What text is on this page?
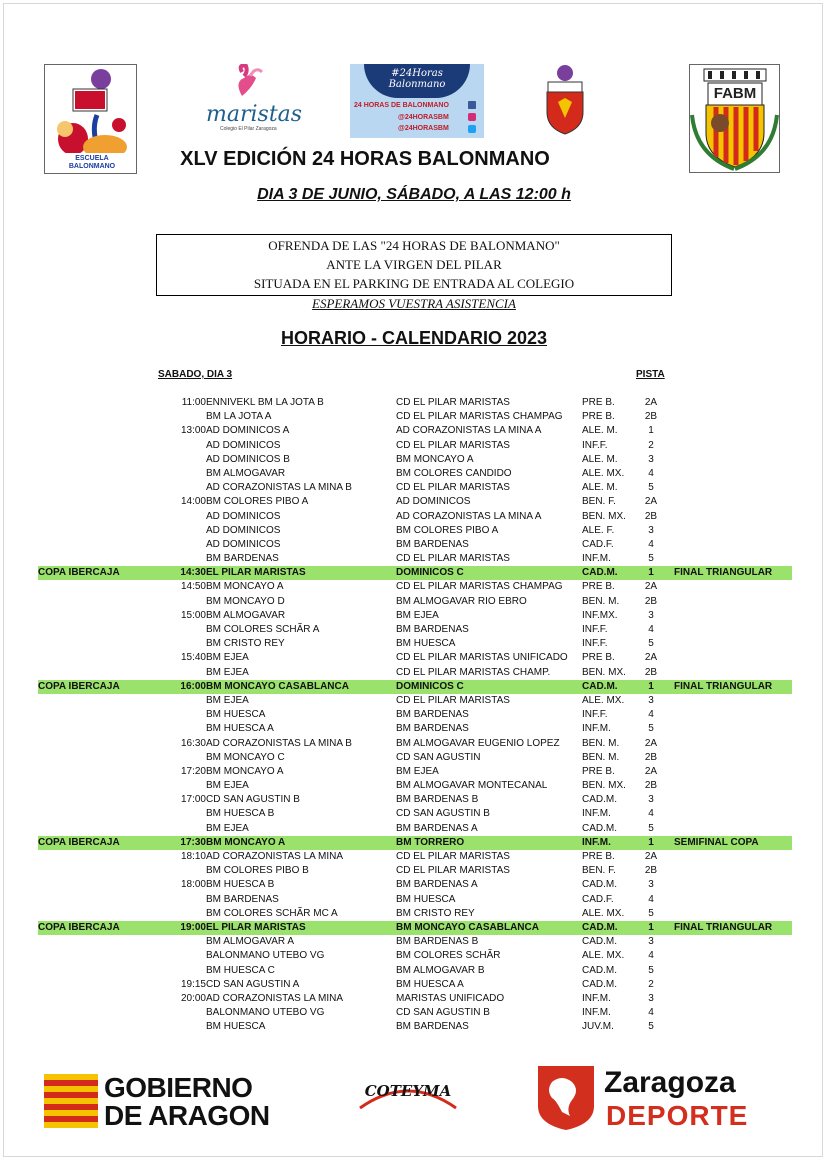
ESCUELA BALONMANO
maristas
Colegio El Pilar Zaragoza
#24Horas Balonmano
24 HORAS DE BALONMANO
@24HORASBM
@24HORASBM
FABM
XLV EDICIÓN 24 HORAS BALONMANO
DIA 3 DE JUNIO, SÁBADO, A LAS 12:00 h
OFRENDA DE LAS "24 HORAS DE BALONMANO"
ANTE LA VIRGEN DEL PILAR
SITUADA EN EL PARKING DE ENTRADA AL COLEGIO
ESPERAMOS VUESTRA ASISTENCIA
HORARIO - CALENDARIO 2023
SABADO, DIA 3	PISTA
11:00 ENNIVEKL BM LA JOTA B	CD EL PILAR MARISTAS	PRE B.	2A
BM LA JOTA A	CD EL PILAR MARISTAS CHAMPAG	PRE B.	2B
13:00 AD DOMINICOS A	AD CORAZONISTAS LA MINA A	ALE. M.	1
AD DOMINICOS	CD EL PILAR MARISTAS	INF.F.	2
AD DOMINICOS B	BM MONCAYO A	ALE. M.	3
BM ALMOGAVAR	BM COLORES CANDIDO	ALE. MX.	4
AD CORAZONISTAS LA MINA B	CD EL PILAR MARISTAS	ALE. M.	5
14:00 BM COLORES PIBO A	AD DOMINICOS	BEN. F.	2A
AD DOMINICOS	AD CORAZONISTAS LA MINA A	BEN. MX.	2B
AD DOMINICOS	BM COLORES PIBO A	ALE. F.	3
AD DOMINICOS	BM BARDENAS	CAD.F.	4
BM BARDENAS	CD EL PILAR MARISTAS	INF.M.	5
COPA IBERCAJA	14:30 EL PILAR MARISTAS	DOMINICOS C	CAD.M.	1	FINAL TRIANGULAR
14:50 BM MONCAYO A	CD EL PILAR MARISTAS CHAMPAG	PRE B.	2A
BM MONCAYO D	BM ALMOGAVAR RIO EBRO	BEN. M.	2B
15:00 BM ALMOGAVAR	BM EJEA	INF.MX.	3
BM COLORES SCHÃR A	BM BARDENAS	INF.F.	4
BM CRISTO REY	BM HUESCA	INF.F.	5
15:40 BM EJEA	CD EL PILAR MARISTAS UNIFICADO	PRE B.	2A
BM EJEA	CD EL PILAR MARISTAS CHAMP.	BEN. MX.	2B
COPA IBERCAJA	16:00 BM MONCAYO CASABLANCA	DOMINICOS C	CAD.M.	1	FINAL TRIANGULAR
BM EJEA	CD EL PILAR MARISTAS	ALE. MX.	3
BM HUESCA	BM BARDENAS	INF.F.	4
BM HUESCA A	BM BARDENAS	INF.M.	5
16:30 AD CORAZONISTAS LA MINA B	BM ALMOGAVAR EUGENIO LOPEZ	BEN. M.	2A
BM MONCAYO C	CD SAN AGUSTIN	BEN. M.	2B
17:20 BM MONCAYO A	BM EJEA	PRE B.	2A
BM EJEA	BM ALMOGAVAR MONTECANAL	BEN. MX.	2B
17:00 CD SAN AGUSTIN B	BM BARDENAS B	CAD.M.	3
BM HUESCA B	CD SAN AGUSTIN B	INF.M.	4
BM EJEA	BM BARDENAS A	CAD.M.	5
COPA IBERCAJA	17:30 BM MONCAYO A	BM TORRERO	INF.M.	1	SEMIFINAL COPA
18:10 AD CORAZONISTAS LA MINA	CD EL PILAR MARISTAS	PRE B.	2A
BM COLORES PIBO B	CD EL PILAR MARISTAS	BEN. F.	2B
18:00 BM HUESCA B	BM BARDENAS A	CAD.M.	3
BM BARDENAS	BM HUESCA	CAD.F.	4
BM COLORES SCHÃR MC A	BM CRISTO REY	ALE. MX.	5
COPA IBERCAJA	19:00 EL PILAR MARISTAS	BM MONCAYO CASABLANCA	CAD.M.	1	FINAL TRIANGULAR
BM ALMOGAVAR A	BM BARDENAS B	CAD.M.	3
BALONMANO UTEBO VG	BM COLORES SCHÃR	ALE. MX.	4
BM HUESCA C	BM ALMOGAVAR B	CAD.M.	5
19:15 CD SAN AGUSTIN A	BM HUESCA A	CAD.M.	2
20:00 AD CORAZONISTAS LA MINA	MARISTAS UNIFICADO	INF.M.	3
BALONMANO UTEBO VG	CD SAN AGUSTIN B	INF.M.	4
BM HUESCA	BM BARDENAS	JUV.M.	5
GOBIERNO
DE ARAGON
COTEYMA	Zaragoza
DEPORTE
